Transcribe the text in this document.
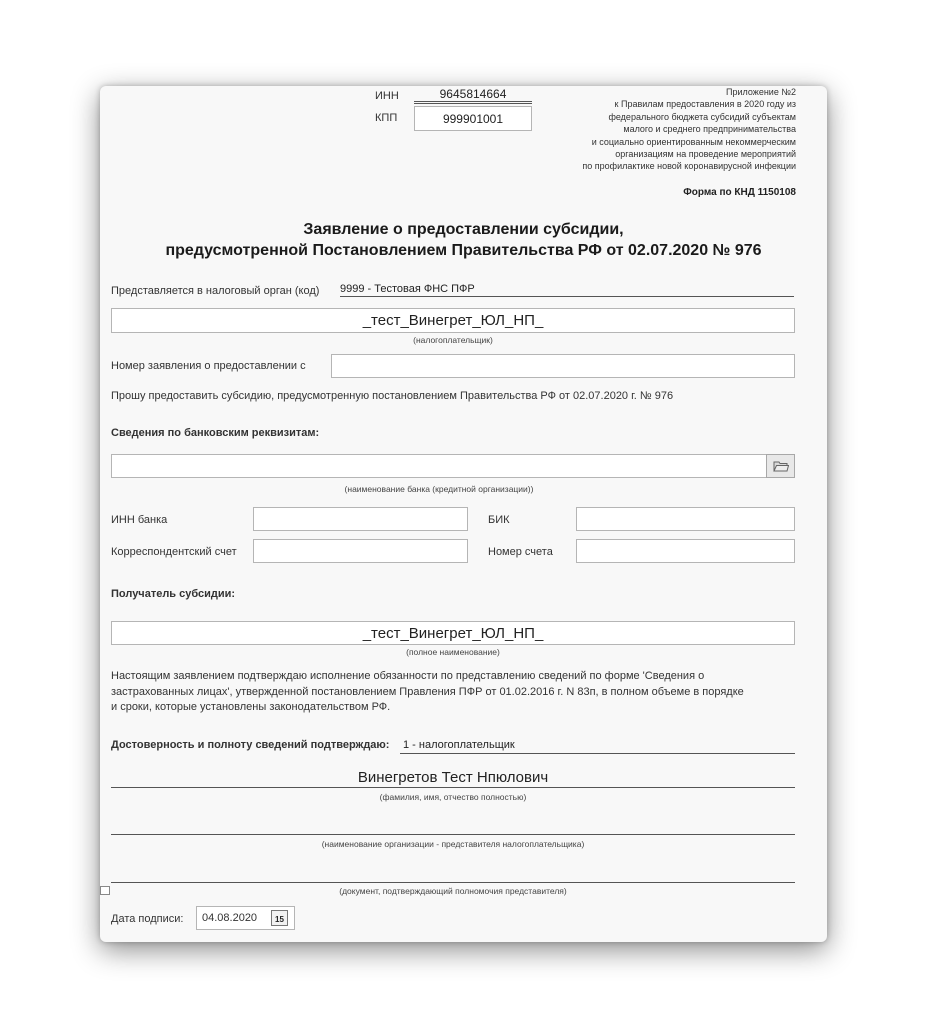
ИНН	9645814664
КПП	999901001
Приложение №2
к Правилам предоставления в 2020 году из
федерального бюджета субсидий субъектам
малого и среднего предпринимательства
и социально ориентированным некоммерческим
организациям на проведение мероприятий
по профилактике новой коронавирусной инфекции
Форма по КНД 1150108
Заявление о предоставлении субсидии,
предусмотренной Постановлением Правительства РФ от 02.07.2020 № 976
Представляется в налоговый орган (код) 9999 - Тестовая ФНС ПФР
_тест_Винегрет_ЮЛ_НП_
(налогоплательщик)
Номер заявления о предоставлении с
Прошу предоставить субсидию, предусмотренную постановлением Правительства РФ от 02.07.2020 г. № 976
Сведения по банковским реквизитам:
(наименование банка (кредитной организации))
ИНН банка	БИК
Корреспондентский счет	Номер счета
Получатель субсидии:
_тест_Винегрет_ЮЛ_НП_
(полное наименование)
Настоящим заявлением подтверждаю исполнение обязанности по представлению сведений по форме 'Сведения о
застрахованных лицах', утвержденной постановлением Правления ПФР от 01.02.2016 г. N 83п, в полном объеме в порядке
и сроки, которые установлены законодательством РФ.
Достоверность и полноту сведений подтверждаю: 1 - налогоплательщик
Винегретов Тест Нпюлович
(фамилия, имя, отчество полностью)
(наименование организации - представителя налогоплательщика)
(документ, подтверждающий полномочия представителя)
Дата подписи: 04.08.2020 15
